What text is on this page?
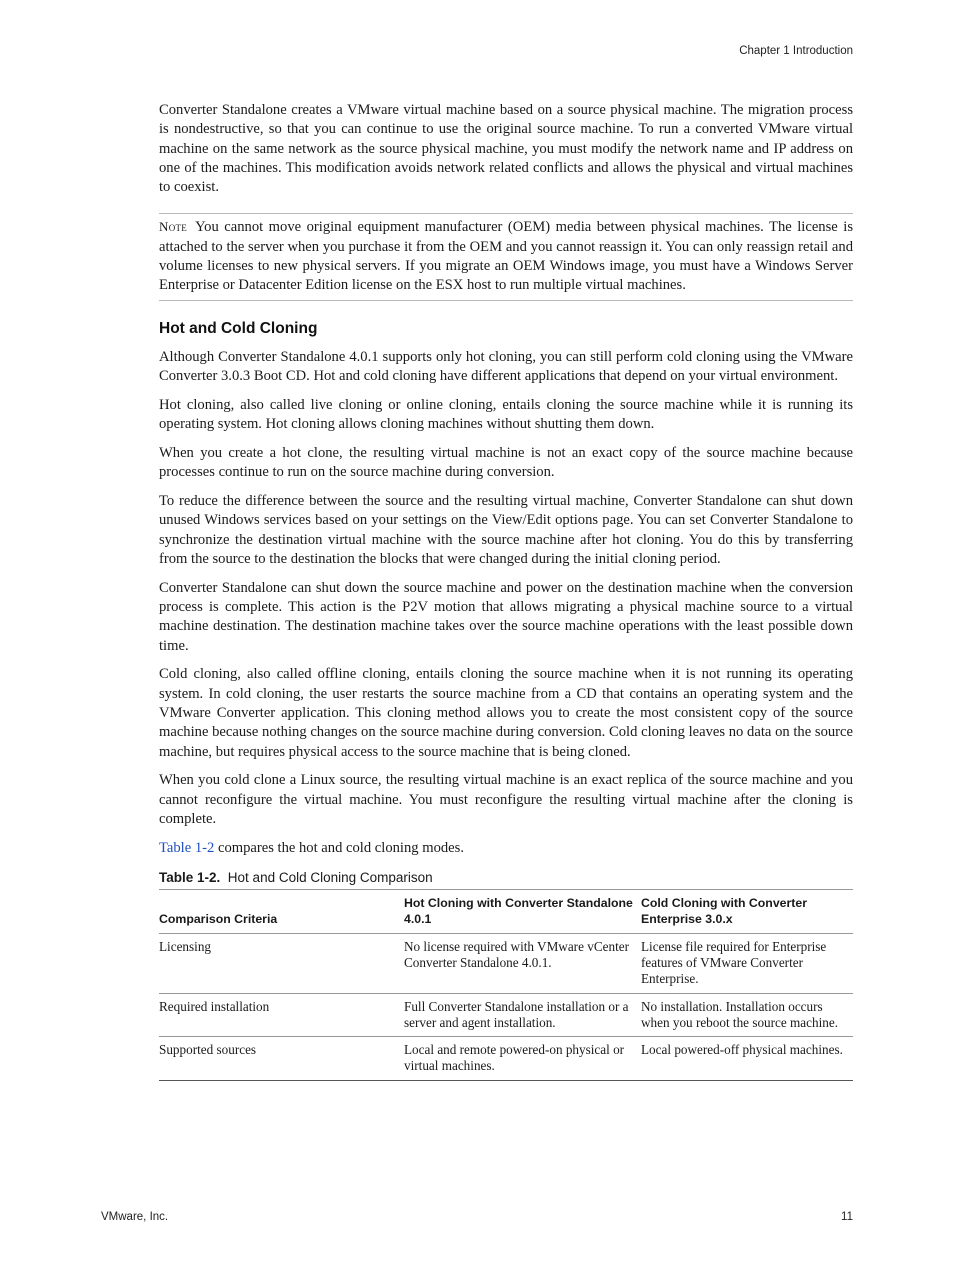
Chapter 1 Introduction

Converter Standalone creates a VMware virtual machine based on a source physical machine. The migration process is nondestructive, so that you can continue to use the original source machine. To run a converted VMware virtual machine on the same network as the source physical machine, you must modify the network name and IP address on one of the machines. This modification avoids network related conflicts and allows the physical and virtual machines to coexist.

Note You cannot move original equipment manufacturer (OEM) media between physical machines. The license is attached to the server when you purchase it from the OEM and you cannot reassign it. You can only reassign retail and volume licenses to new physical servers. If you migrate an OEM Windows image, you must have a Windows Server Enterprise or Datacenter Edition license on the ESX host to run multiple virtual machines.

Hot and Cold Cloning

Although Converter Standalone 4.0.1 supports only hot cloning, you can still perform cold cloning using the VMware Converter 3.0.3 Boot CD. Hot and cold cloning have different applications that depend on your virtual environment.

Hot cloning, also called live cloning or online cloning, entails cloning the source machine while it is running its operating system. Hot cloning allows cloning machines without shutting them down.

When you create a hot clone, the resulting virtual machine is not an exact copy of the source machine because processes continue to run on the source machine during conversion.

To reduce the difference between the source and the resulting virtual machine, Converter Standalone can shut down unused Windows services based on your settings on the View/Edit options page. You can set Converter Standalone to synchronize the destination virtual machine with the source machine after hot cloning. You do this by transferring from the source to the destination the blocks that were changed during the initial cloning period.

Converter Standalone can shut down the source machine and power on the destination machine when the conversion process is complete. This action is the P2V motion that allows migrating a physical machine source to a virtual machine destination. The destination machine takes over the source machine operations with the least possible down time.

Cold cloning, also called offline cloning, entails cloning the source machine when it is not running its operating system. In cold cloning, the user restarts the source machine from a CD that contains an operating system and the VMware Converter application. This cloning method allows you to create the most consistent copy of the source machine because nothing changes on the source machine during conversion. Cold cloning leaves no data on the source machine, but requires physical access to the source machine that is being cloned.

When you cold clone a Linux source, the resulting virtual machine is an exact replica of the source machine and you cannot reconfigure the virtual machine. You must reconfigure the resulting virtual machine after the cloning is complete.

Table 1-2 compares the hot and cold cloning modes.

Table 1-2. Hot and Cold Cloning Comparison
Comparison Criteria	Hot Cloning with Converter Standalone 4.0.1	Cold Cloning with Converter Enterprise 3.0.x
Licensing	No license required with VMware vCenter Converter Standalone 4.0.1.	License file required for Enterprise features of VMware Converter Enterprise.
Required installation	Full Converter Standalone installation or a server and agent installation.	No installation. Installation occurs when you reboot the source machine.
Supported sources	Local and remote powered-on physical or virtual machines.	Local powered-off physical machines.
VMware, Inc.	11
